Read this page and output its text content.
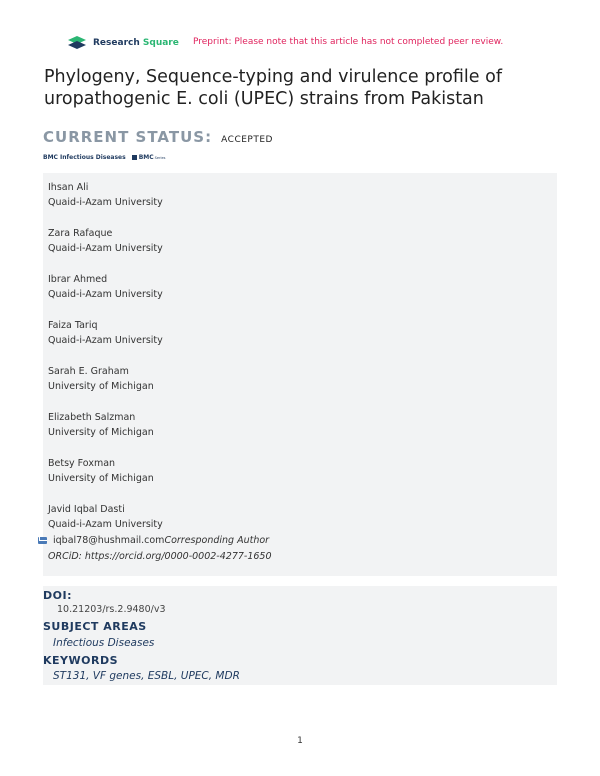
Research Square Preprint: Please note that this article has not completed peer review.
Phylogeny, Sequence-typing and virulence profile of uropathogenic E. coli (UPEC) strains from Pakistan
CURRENT STATUS: ACCEPTED
BMC Infectious Diseases BMC Series
Ihsan Ali
Quaid-i-Azam University
Zara Rafaque
Quaid-i-Azam University
Ibrar Ahmed
Quaid-i-Azam University
Faiza Tariq
Quaid-i-Azam University
Sarah E. Graham
University of Michigan
Elizabeth Salzman
University of Michigan
Betsy Foxman
University of Michigan
Javid Iqbal Dasti
Quaid-i-Azam University
iqbal78@hushmail.com Corresponding Author
ORCiD: https://orcid.org/0000-0002-4277-1650
DOI:
10.21203/rs.2.9480/v3
SUBJECT AREAS
Infectious Diseases
KEYWORDS
ST131, VF genes, ESBL, UPEC, MDR
1
